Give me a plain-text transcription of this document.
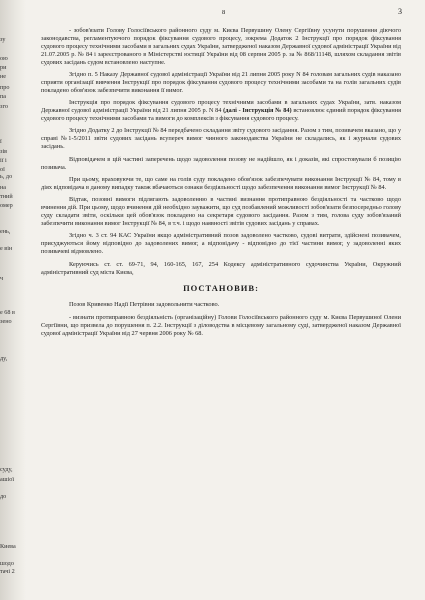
зу
ою
ри
не
про
па
зго
ї
зів
ії і
ої
ь, до
на
тний
омер
ень,
е він
ч
e 68 в
зено
ду,
суду,
ашіої
до
Киева
шодо
тачі 2
8	3

- зобов'язати Голову Голосіївського районного суду м. Києва Первушину Олену Сергіївну усунути порушення діючого законодавства, регламентуючого порядок фіксування судового процесу, зокрема Додаток 2 Інструкції про порядок фіксування судового процесу технічними засобами в загальних судах України, затвердженої наказом Державної судової адміністрації України від 21.07.2005 р. № 84 і зареєстрованого в Міністерстві юстиції України від 08 серпня 2005 р. за № 868/11148, шляхом складання звітів судових засідань судом встановлено наступне.

Згідно п. 5 Наказу Державної судової адміністрації України від 21 липня 2005 року N 84 головам загальних судів наказано сприяти організації вивчення Інструкції про порядок фіксування судового процесу технічними засобами та на голів загальних судів покладено обов'язок забезпечити виконання її вимог.

Інструкція про порядок фіксування судового процесу технічними засобами в загальних судах України, затв. наказом Державної судової адміністрації України від 21 липня 2005 р. N 84 (далі - Інструкція № 84) встановлює єдиний порядок фіксування судового процесу технічними засобами та вимоги до комплексів з фіксування судового процесу.

Згідно Додатку 2 до Інструкції № 84 передбачено складання звіту судового засідання. Разом з тим, позивачем вказано, що у справі №1-5/2011 звіти судових засідань всупереч вимог чинного законодавства України не складались, як і журнали судових засідань.

Відповідачем в цій частині заперечень щодо задоволення позову не надійшло, як і доказів, які спростовували б позицію позивача.

При цьому, враховуючи те, що саме на голів суду покладено обов'язок забезпечувати виконання Інструкції № 84, тому в діях відповідача в даному випадку також вбачаються ознаки бездіяльності щодо забезпечення виконання вимог Інструкції № 84.

Відтак, позовні вимоги підлягають задоволенню в частині визнання протиправною бездіяльності та частково щодо вчинення дій. При цьому, щодо вчинення дій необхідно зауважити, що суд позбавлений можливості зобов'язати безпосередньо голову суду складати звіти, оскільки цей обов'язок покладено на секретаря судового засідання. Разом з тим, голова суду зобов'язаний забезпечити виконання вимог Інструкції № 84, в т.ч. і щодо наявності звітів судових засідань у справах.

Згідно ч. 3 ст. 94 КАС України якщо адміністративний позов задоволено частково, судові витрати, здійснені позивачем, присуджуються йому відповідно до задоволених вимог, а відповідачу - відповідно до тієї частини вимог, у задоволенні яких позивачеві відмовлено.

Керуючись ст. ст. 69-71, 94, 160-165, 167, 254 Кодексу адміністративного судочинства України, Окружний адміністративний суд міста Києва,

ПОСТАНОВИВ:

Позов Кривенко Надії Петрівни задовольнити частково.

- визнати протиправною бездіяльність (організаційну) Голови Голосіївського районного суду м. Києва Первушиної Олени Сергіївни, що призвела до порушення п. 2.2. Інструкції з діловодства в місцевому загальному суді, затвердженої наказом Державної судової адміністрації України від 27 червня 2006 року № 68.
